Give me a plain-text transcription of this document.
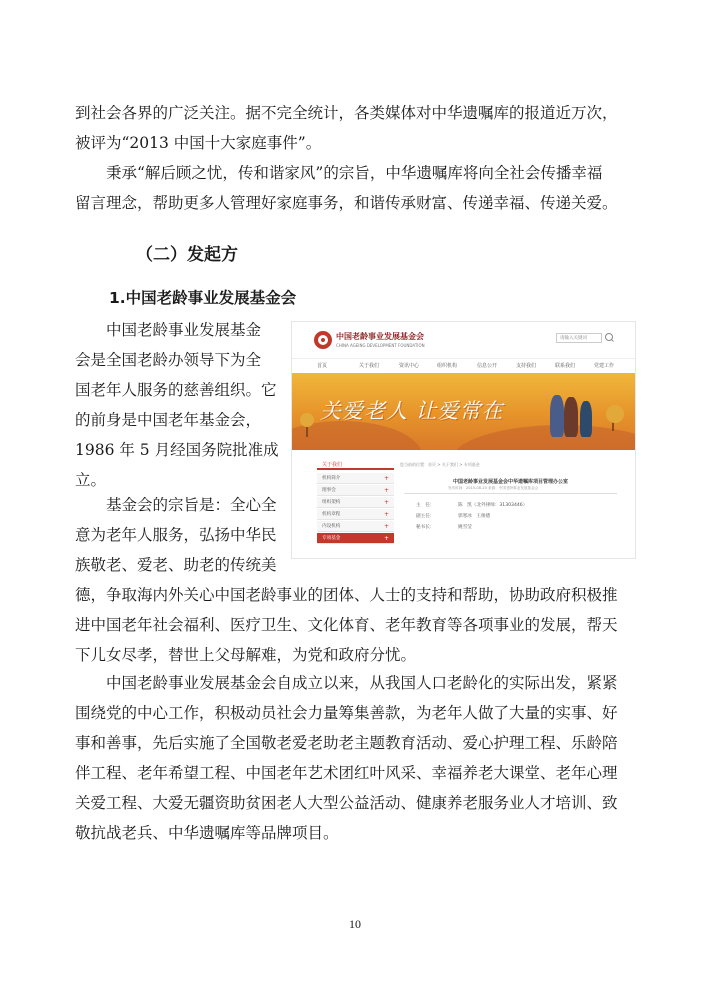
到社会各界的广泛关注。据不完全统计，各类媒体对中华遗嘱库的报道近万次，
被评为“2013 中国十大家庭事件”。
秉承“解后顾之忧，传和谐家风”的宗旨，中华遗嘱库将向全社会传播幸福
留言理念，帮助更多人管理好家庭事务，和谐传承财富、传递幸福、传递关爱。
（二）发起方
1.中国老龄事业发展基金会
中国老龄事业发展基金
会是全国老龄办领导下为全
国老年人服务的慈善组织。它
的前身是中国老年基金会，
1986 年 5 月经国务院批准成
立。
基金会的宗旨是：全心全
意为老年人服务，弘扬中华民
族敬老、爱老、助老的传统美
德，争取海内外关心中国老龄事业的团体、人士的支持和帮助，协助政府积极推
进中国老年社会福利、医疗卫生、文化体育、老年教育等各项事业的发展，帮天
下儿女尽孝，替世上父母解难，为党和政府分忧。
中国老龄事业发展基金会自成立以来，从我国人口老龄化的实际出发，紧紧
围绕党的中心工作，积极动员社会力量筹集善款，为老年人做了大量的实事、好
事和善事，先后实施了全国敬老爱老助老主题教育活动、爱心护理工程、乐龄陪
伴工程、老年希望工程、中国老年艺术团红叶风采、幸福养老大课堂、老年心理
关爱工程、大爱无疆资助贫困老人大型公益活动、健康养老服务业人才培训、致
敬抗战老兵、中华遗嘱库等品牌项目。
中国老龄事业发展基金会
CHINA AGEING DEVELOPMENT FOUNDATION
请输入关键词
首页	关于我们	资讯中心	组织机构	信息公开	支持我们	联系我们	党建工作
关爱老人 让爱常在
关于我们
机构简介	+
理事会	+
组织架构	+
机构章程	+
内设机构	+
专项基金	+
您当前的位置：首页 > 关于我们 > 专项基金
中国老龄事业发展基金会中华遗嘱库项目管理办公室
发布时间：2015-08-20 来源：中国老龄事业发展基金会
主　任：	陈　凯（北外律师：31303446）
副主任：	郭寒冰　王俊德
秘书长：	姚雪莹
10
